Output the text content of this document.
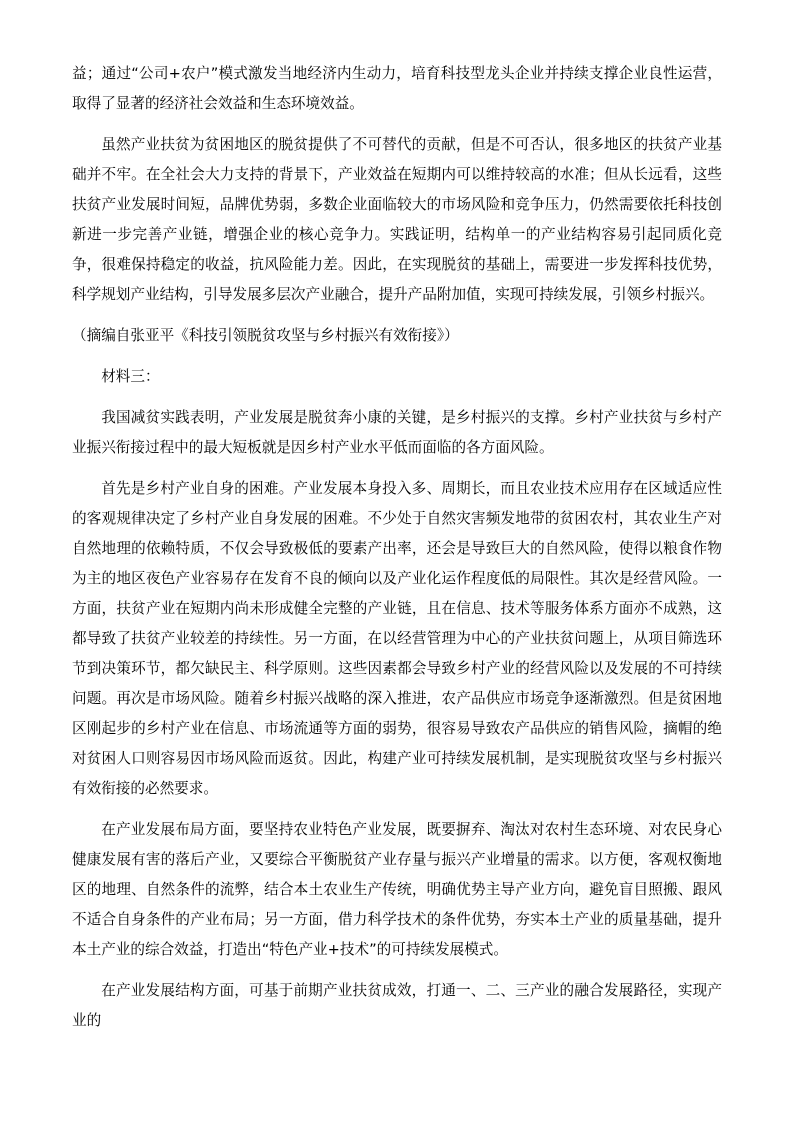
益；通过“公司+农户”模式激发当地经济内生动力，培育科技型龙头企业并持续支撑企业良性运营，取得了显著的经济社会效益和生态环境效益。

虽然产业扶贫为贫困地区的脱贫提供了不可替代的贡献，但是不可否认，很多地区的扶贫产业基础并不牢。在全社会大力支持的背景下，产业效益在短期内可以维持较高的水准；但从长远看，这些扶贫产业发展时间短，品牌优势弱，多数企业面临较大的市场风险和竞争压力，仍然需要依托科技创新进一步完善产业链，增强企业的核心竞争力。实践证明，结构单一的产业结构容易引起同质化竞争，很难保持稳定的收益，抗风险能力差。因此，在实现脱贫的基础上，需要进一步发挥科技优势，科学规划产业结构，引导发展多层次产业融合，提升产品附加值，实现可持续发展，引领乡村振兴。

（摘编自张亚平《科技引领脱贫攻坚与乡村振兴有效衔接》）

材料三：

我国减贫实践表明，产业发展是脱贫奔小康的关键，是乡村振兴的支撑。乡村产业扶贫与乡村产业振兴衔接过程中的最大短板就是因乡村产业水平低而面临的各方面风险。

首先是乡村产业自身的困难。产业发展本身投入多、周期长，而且农业技术应用存在区域适应性的客观规律决定了乡村产业自身发展的困难。不少处于自然灾害频发地带的贫困农村，其农业生产对自然地理的依赖特质，不仅会导致极低的要素产出率，还会是导致巨大的自然风险，使得以粮食作物为主的地区夜色产业容易存在发育不良的倾向以及产业化运作程度低的局限性。其次是经营风险。一方面，扶贫产业在短期内尚未形成健全完整的产业链，且在信息、技术等服务体系方面亦不成熟，这都导致了扶贫产业较差的持续性。另一方面，在以经营管理为中心的产业扶贫问题上，从项目筛选环节到决策环节，都欠缺民主、科学原则。这些因素都会导致乡村产业的经营风险以及发展的不可持续问题。再次是市场风险。随着乡村振兴战略的深入推进，农产品供应市场竞争逐渐激烈。但是贫困地区刚起步的乡村产业在信息、市场流通等方面的弱势，很容易导致农产品供应的销售风险，摘帽的绝对贫困人口则容易因市场风险而返贫。因此，构建产业可持续发展机制，是实现脱贫攻坚与乡村振兴有效衔接的必然要求。

在产业发展布局方面，要坚持农业特色产业发展，既要摒弃、淘汰对农村生态环境、对农民身心健康发展有害的落后产业，又要综合平衡脱贫产业存量与振兴产业增量的需求。以方便，客观权衡地区的地理、自然条件的流弊，结合本土农业生产传统，明确优势主导产业方向，避免盲目照搬、跟风不适合自身条件的产业布局；另一方面，借力科学技术的条件优势，夯实本土产业的质量基础，提升本土产业的综合效益，打造出“特色产业+技术”的可持续发展模式。

在产业发展结构方面，可基于前期产业扶贫成效，打通一、二、三产业的融合发展路径，实现产业的
